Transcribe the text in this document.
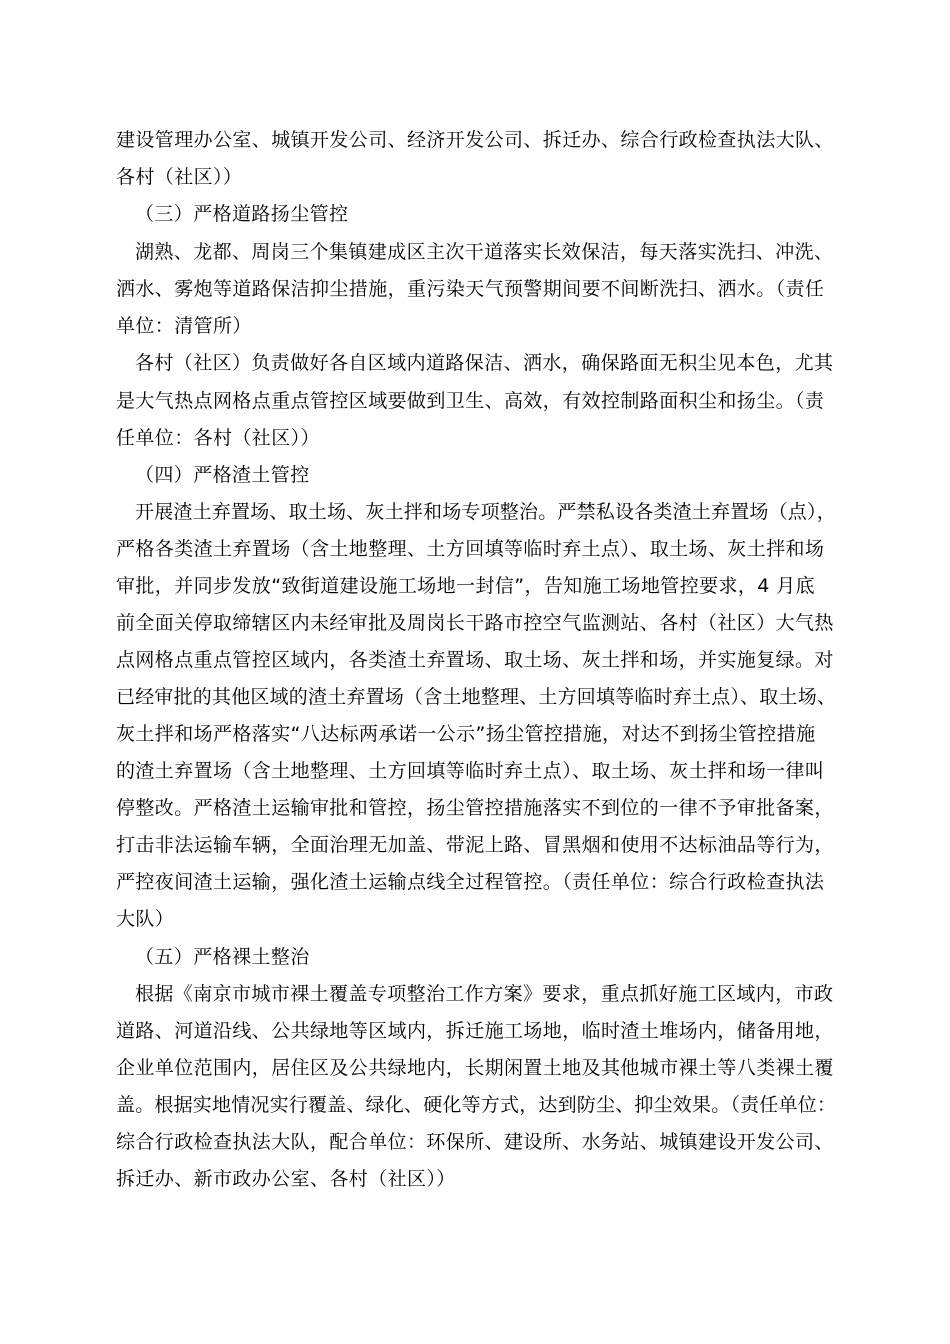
建设管理办公室、城镇开发公司、经济开发公司、拆迁办、综合行政检查执法大队、
各村（社区））
（三）严格道路扬尘管控
湖熟、龙都、周岗三个集镇建成区主次干道落实长效保洁，每天落实洗扫、冲洗、
洒水、雾炮等道路保洁抑尘措施，重污染天气预警期间要不间断洗扫、洒水。（责任
单位：清管所）
各村（社区）负责做好各自区域内道路保洁、洒水，确保路面无积尘见本色，尤其
是大气热点网格点重点管控区域要做到卫生、高效，有效控制路面积尘和扬尘。（责
任单位：各村（社区））
（四）严格渣土管控
开展渣土弃置场、取土场、灰土拌和场专项整治。严禁私设各类渣土弃置场（点），
严格各类渣土弃置场（含土地整理、土方回填等临时弃土点）、取土场、灰土拌和场
审批，并同步发放“致街道建设施工场地一封信”，告知施工场地管控要求，4 月底
前全面关停取缔辖区内未经审批及周岗长干路市控空气监测站、各村（社区）大气热
点网格点重点管控区域内，各类渣土弃置场、取土场、灰土拌和场，并实施复绿。对
已经审批的其他区域的渣土弃置场（含土地整理、土方回填等临时弃土点）、取土场、
灰土拌和场严格落实“八达标两承诺一公示”扬尘管控措施，对达不到扬尘管控措施
的渣土弃置场（含土地整理、土方回填等临时弃土点）、取土场、灰土拌和场一律叫
停整改。严格渣土运输审批和管控，扬尘管控措施落实不到位的一律不予审批备案，
打击非法运输车辆，全面治理无加盖、带泥上路、冒黑烟和使用不达标油品等行为，
严控夜间渣土运输，强化渣土运输点线全过程管控。（责任单位：综合行政检查执法
大队）
（五）严格裸土整治
根据《南京市城市裸土覆盖专项整治工作方案》要求，重点抓好施工区域内，市政
道路、河道沿线、公共绿地等区域内，拆迁施工场地，临时渣土堆场内，储备用地，
企业单位范围内，居住区及公共绿地内，长期闲置土地及其他城市裸土等八类裸土覆
盖。根据实地情况实行覆盖、绿化、硬化等方式，达到防尘、抑尘效果。（责任单位：
综合行政检查执法大队，配合单位：环保所、建设所、水务站、城镇建设开发公司、
拆迁办、新市政办公室、各村（社区））
